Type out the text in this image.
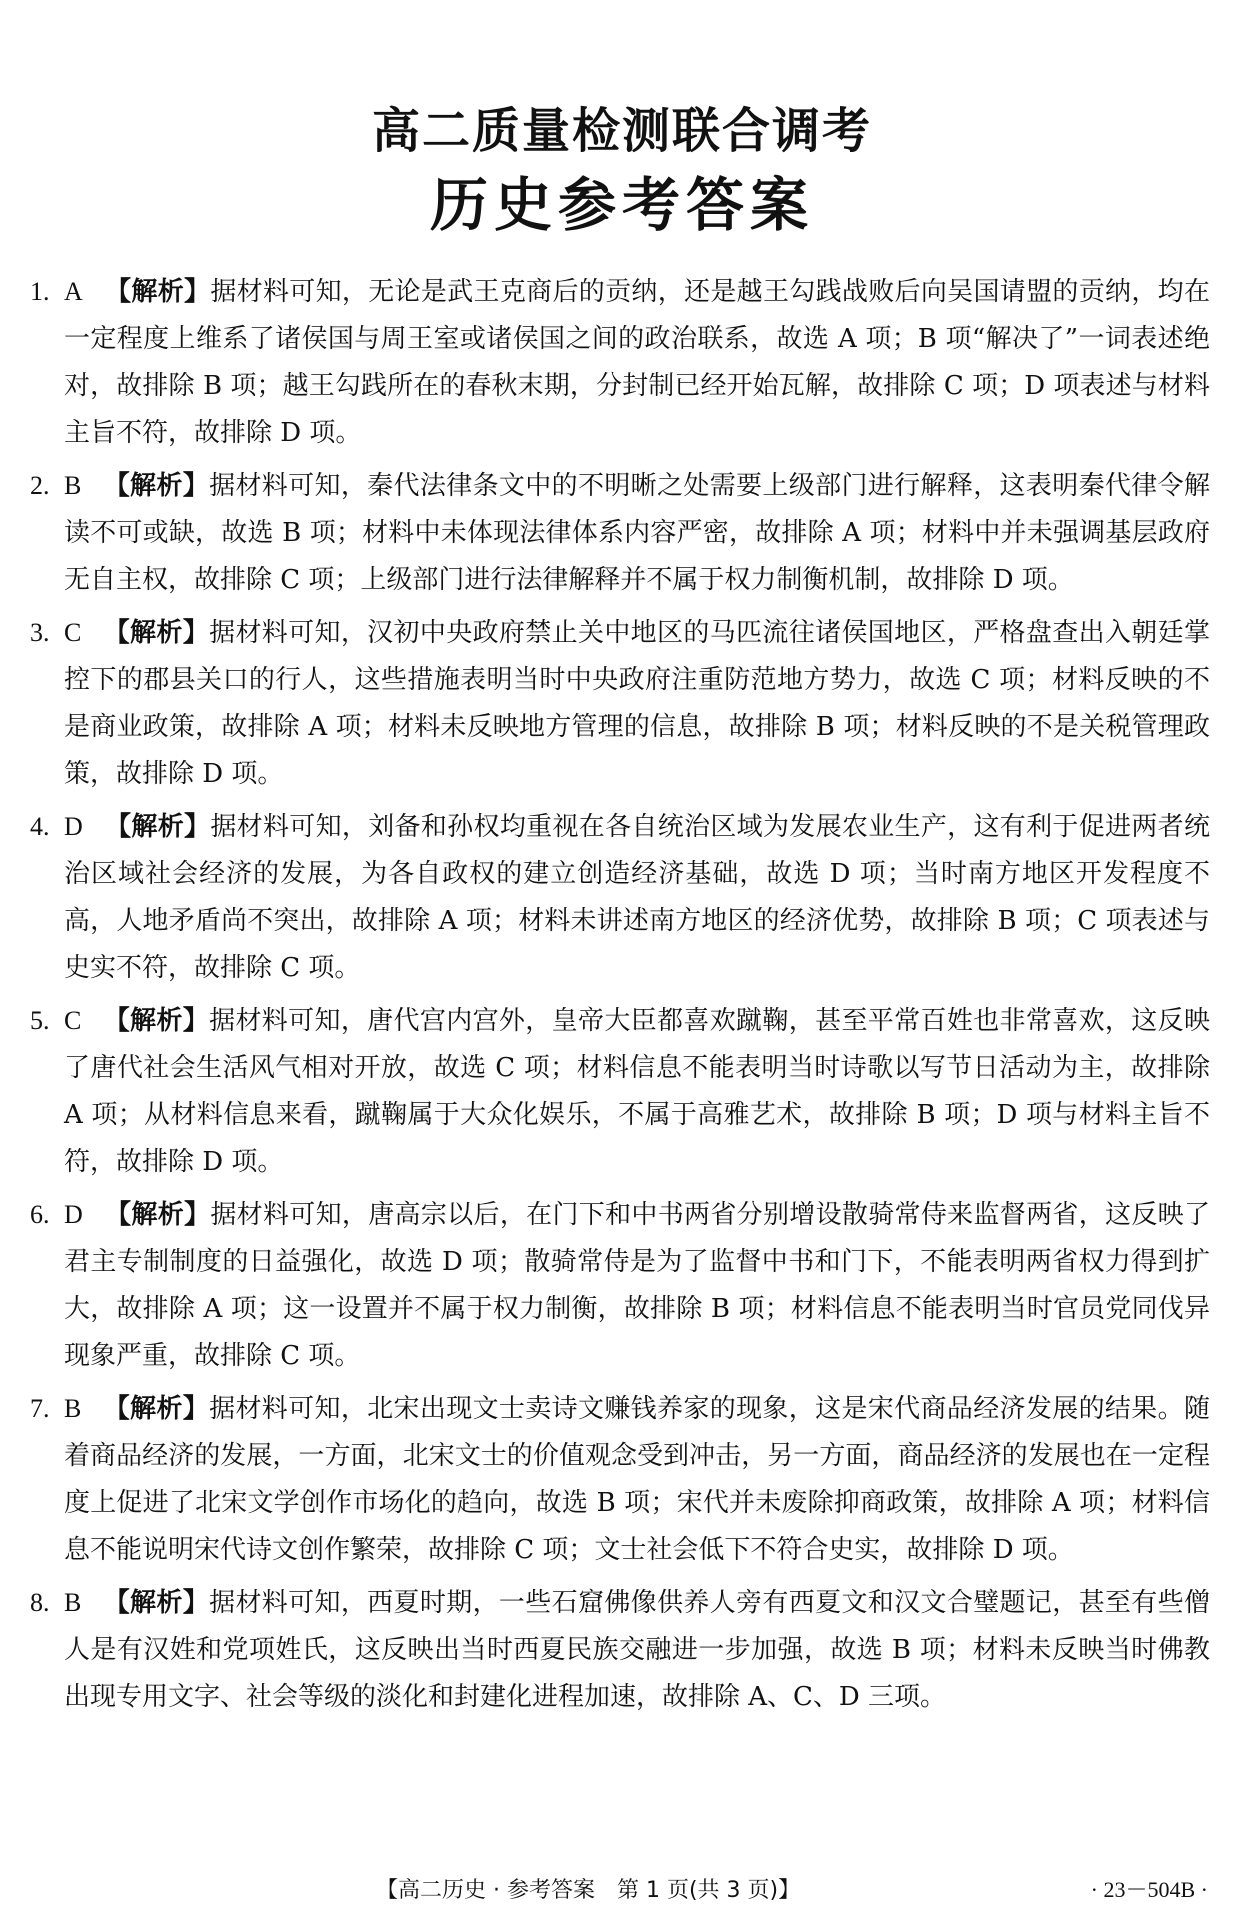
高二质量检测联合调考
历史参考答案
1. A 【解析】据材料可知，无论是武王克商后的贡纳，还是越王勾践战败后向吴国请盟的贡纳，均在一定程度上维系了诸侯国与周王室或诸侯国之间的政治联系，故选 A 项；B 项“解决了”一词表述绝对，故排除 B 项；越王勾践所在的春秋末期，分封制已经开始瓦解，故排除 C 项；D 项表述与材料主旨不符，故排除 D 项。
2. B 【解析】据材料可知，秦代法律条文中的不明晰之处需要上级部门进行解释，这表明秦代律令解读不可或缺，故选 B 项；材料中未体现法律体系内容严密，故排除 A 项；材料中并未强调基层政府无自主权，故排除 C 项；上级部门进行法律解释并不属于权力制衡机制，故排除 D 项。
3. C 【解析】据材料可知，汉初中央政府禁止关中地区的马匹流往诸侯国地区，严格盘查出入朝廷掌控下的郡县关口的行人，这些措施表明当时中央政府注重防范地方势力，故选 C 项；材料反映的不是商业政策，故排除 A 项；材料未反映地方管理的信息，故排除 B 项；材料反映的不是关税管理政策，故排除 D 项。
4. D 【解析】据材料可知，刘备和孙权均重视在各自统治区域为发展农业生产，这有利于促进两者统治区域社会经济的发展，为各自政权的建立创造经济基础，故选 D 项；当时南方地区开发程度不高，人地矛盾尚不突出，故排除 A 项；材料未讲述南方地区的经济优势，故排除 B 项；C 项表述与史实不符，故排除 C 项。
5. C 【解析】据材料可知，唐代宫内宫外，皇帝大臣都喜欢蹴鞠，甚至平常百姓也非常喜欢，这反映了唐代社会生活风气相对开放，故选 C 项；材料信息不能表明当时诗歌以写节日活动为主，故排除 A 项；从材料信息来看，蹴鞠属于大众化娱乐，不属于高雅艺术，故排除 B 项；D 项与材料主旨不符，故排除 D 项。
6. D 【解析】据材料可知，唐高宗以后，在门下和中书两省分别增设散骑常侍来监督两省，这反映了君主专制制度的日益强化，故选 D 项；散骑常侍是为了监督中书和门下，不能表明两省权力得到扩大，故排除 A 项；这一设置并不属于权力制衡，故排除 B 项；材料信息不能表明当时官员党同伐异现象严重，故排除 C 项。
7. B 【解析】据材料可知，北宋出现文士卖诗文赚钱养家的现象，这是宋代商品经济发展的结果。随着商品经济的发展，一方面，北宋文士的价值观念受到冲击，另一方面，商品经济的发展也在一定程度上促进了北宋文学创作市场化的趋向，故选 B 项；宋代并未废除抑商政策，故排除 A 项；材料信息不能说明宋代诗文创作繁荣，故排除 C 项；文士社会低下不符合史实，故排除 D 项。
8. B 【解析】据材料可知，西夏时期，一些石窟佛像供养人旁有西夏文和汉文合璧题记，甚至有些僧人是有汉姓和党项姓氏，这反映出当时西夏民族交融进一步加强，故选 B 项；材料未反映当时佛教出现专用文字、社会等级的淡化和封建化进程加速，故排除 A、C、D 三项。
【高二历史 · 参考答案　第 1 页(共 3 页)】	· 23－504B ·
